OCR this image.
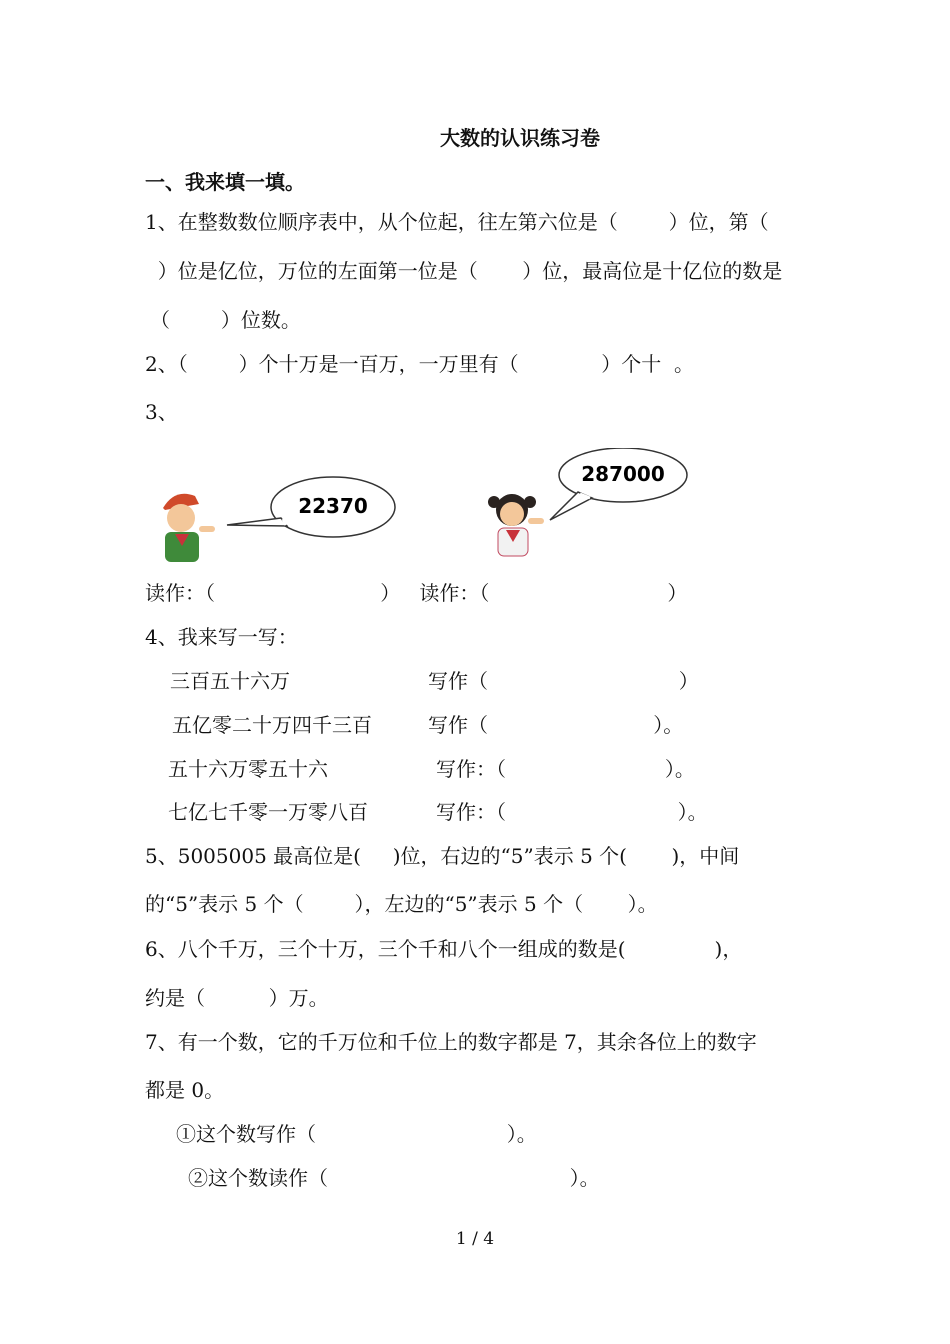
大数的认识练习卷
一、我来填一填。
1、在整数数位顺序表中，从个位起，往左第六位是（        ）位，第（
）位是亿位，万位的左面第一位是（       ）位，最高位是十亿位的数是
（        ）位数。
2、（        ）个十万是一百万，一万里有（             ）个十  。
3、
22370
287000
读作：（                          ）   读作：（                            ）
4、我来写一写：
三百五十六万	写作（                              ）
五亿零二十万四千三百	写作（                          ）。
五十六万零五十六	写作：（                         ）。
七亿七千零一万零八百	写作：（                           ）。
5、5005005 最高位是(     )位，右边的“5”表示 5 个(       )，中间
的“5”表示 5 个（        ），左边的“5”表示 5 个（       ）。
6、八个千万，三个十万，三个千和八个一组成的数是(              )，
约是（          ）万。
7、有一个数，它的千万位和千位上的数字都是 7，其余各位上的数字
都是 0。
①这个数写作（                              ）。
②这个数读作（                                      ）。
1 / 4
